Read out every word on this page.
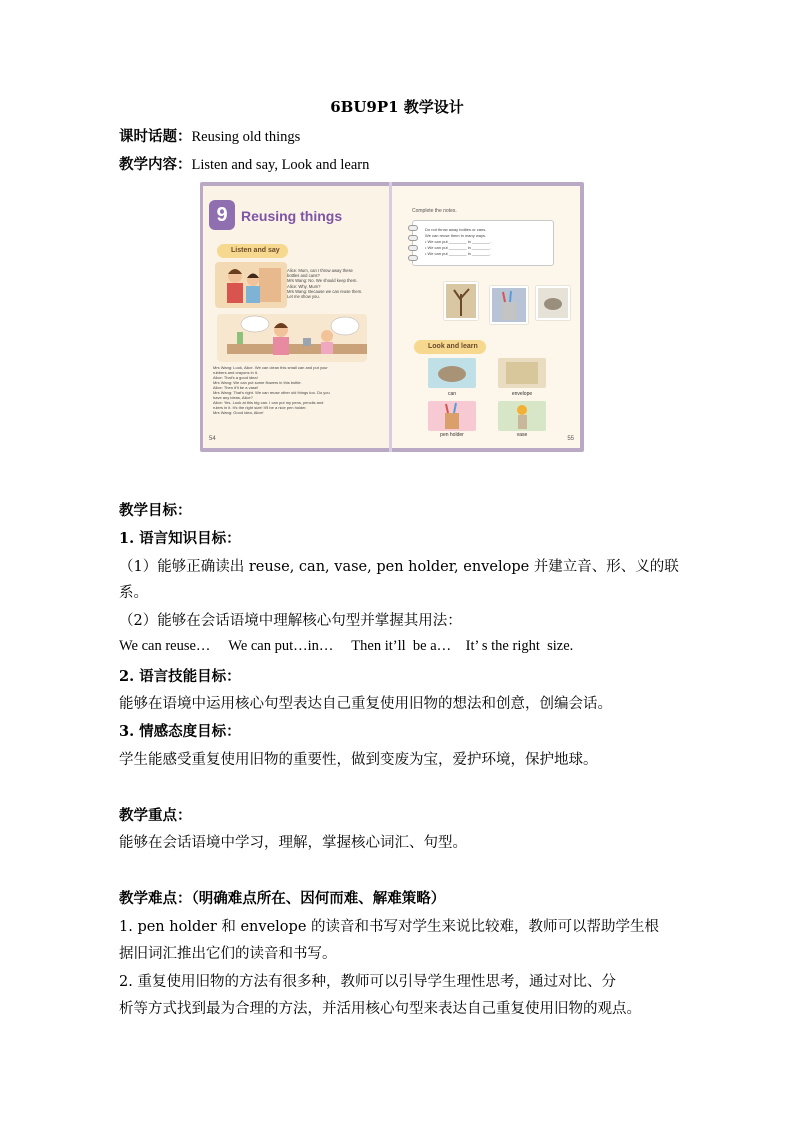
6BU9P1 教学设计
课时话题：Reusing old things
教学内容：Listen and say, Look and learn
9 Reusing things
Listen and say
Alice: Mum, can I throw away these
bottles and cans?
Mrs Wang: No. We should keep them.
Alice: Why, Mum?
Mrs Wang: Because we can reuse them.
Let me show you.
Mrs Wang: Look, Alice. We can clean this small can and put your
rubbers and crayons in it.
Alice: That's a good idea!
Mrs Wang: We can put some flowers in this bottle.
Alice: Then it'll be a vase!
Mrs Wang: That's right. We can reuse other old things too. Do you
have any ideas, Alice?
Alice: Yes. Look at this big can. I can put my pens, pencils and
rulers in it. It's the right size! It'll be a nice pen holder.
Mrs Wang: Good idea, Alice!
54
Complete the notes.
Do not throw away bottles or cans.
We can reuse them in many ways.
• We can put ________ in ________.
• We can put ________ in ________.
• We can put ________ in ________.
Look and learn
can	envelope
pen holder	vase
55
教学目标：
1. 语言知识目标：
（1）能够正确读出 reuse, can, vase, pen holder, envelope 并建立音、形、义的联
系。
（2）能够在会话语境中理解核心句型并掌握其用法：
We can reuse…     We can put…in…     Then it’ll  be a…    It’ s the right  size.
2. 语言技能目标：
能够在语境中运用核心句型表达自己重复使用旧物的想法和创意，创编会话。
3. 情感态度目标：
学生能感受重复使用旧物的重要性，做到变废为宝，爱护环境，保护地球。
教学重点：
能够在会话语境中学习，理解，掌握核心词汇、句型。
教学难点：（明确难点所在、因何而难、解难策略）
1. pen holder 和 envelope 的读音和书写对学生来说比较难，教师可以帮助学生根
据旧词汇推出它们的读音和书写。
2. 重复使用旧物的方法有很多种，教师可以引导学生理性思考，通过对比、分
析等方式找到最为合理的方法，并活用核心句型来表达自己重复使用旧物的观点。
